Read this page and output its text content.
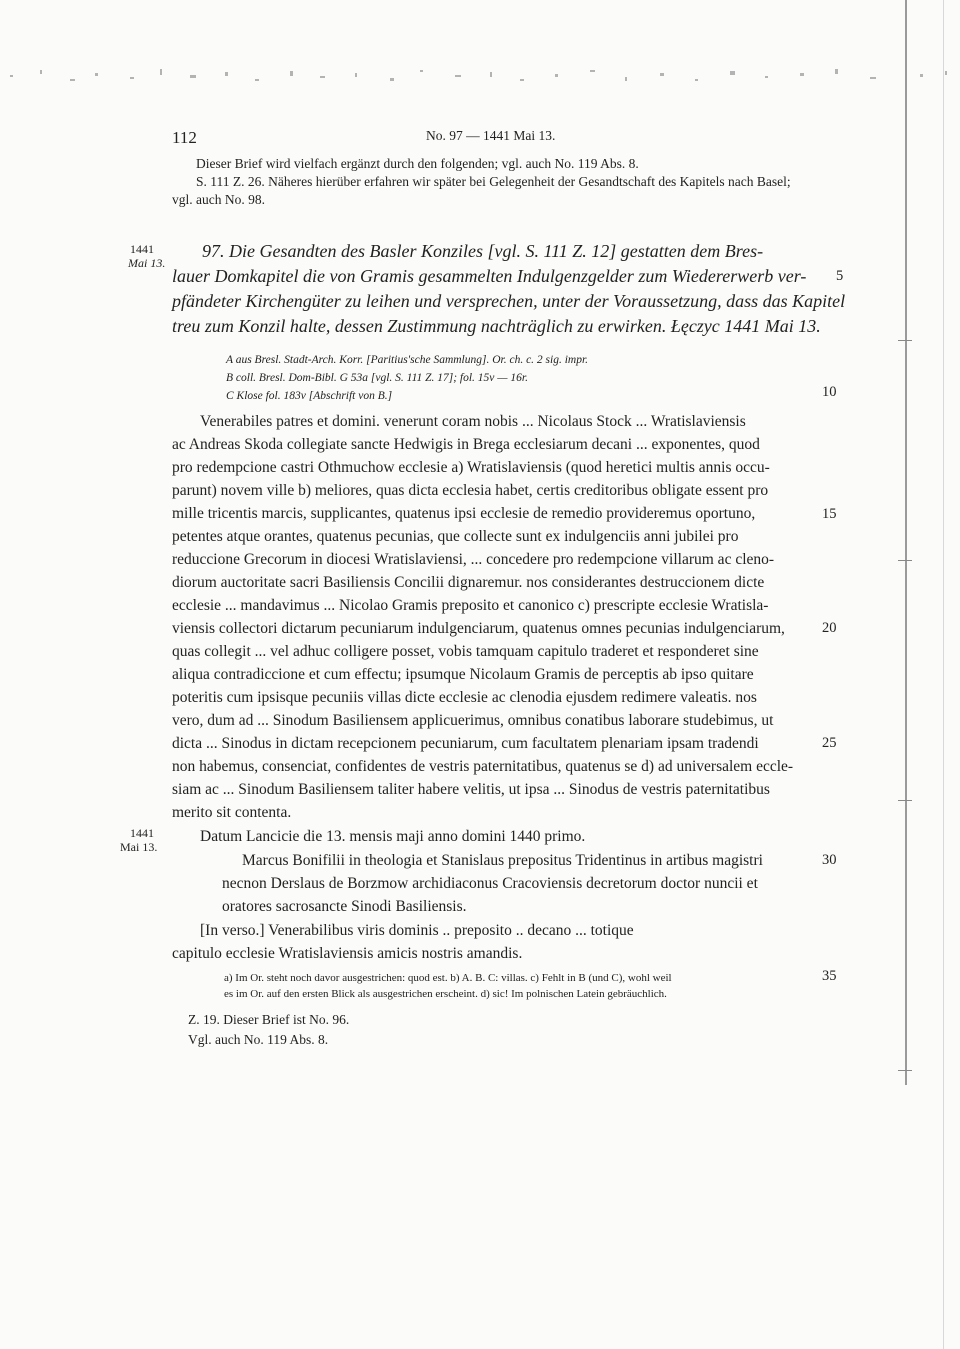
112	No. 97 — 1441 Mai 13.
Dieser Brief wird vielfach ergänzt durch den folgenden; vgl. auch No. 119 Abs. 8.
S. 111 Z. 26. Näheres hierüber erfahren wir später bei Gelegenheit der Gesandtschaft des Kapitels nach Basel;
vgl. auch No. 98.
1441
Mai 13.
97. Die Gesandten des Basler Konziles [vgl. S. 111 Z. 12] gestatten dem Bres-
lauer Domkapitel die von Gramis gesammelten Indulgenzgelder zum Wiedererwerb ver-
pfändeter Kirchengüter zu leihen und versprechen, unter der Voraussetzung, dass das Kapitel
treu zum Konzil halte, dessen Zustimmung nachträglich zu erwirken. Łęczyc 1441 Mai 13.
A aus Bresl. Stadt-Arch. Korr. [Paritius'sche Sammlung]. Or. ch. c. 2 sig. impr.
B coll. Bresl. Dom-Bibl. G 53a [vgl. S. 111 Z. 17]; fol. 15v — 16r.
C Klose fol. 183v [Abschrift von B.]
Venerabiles patres et domini. venerunt coram nobis ... Nicolaus Stock ... Wratislaviensis
ac Andreas Skoda collegiate sancte Hedwigis in Brega ecclesiarum decani ... exponentes, quod
pro redempcione castri Othmuchow ecclesie a) Wratislaviensis (quod heretici multis annis occu-
parunt) novem ville b) meliores, quas dicta ecclesia habet, certis creditoribus obligate essent pro
mille tricentis marcis, supplicantes, quatenus ipsi ecclesie de remedio provideremus oportuno,
petentes atque orantes, quatenus pecunias, que collecte sunt ex indulgenciis anni jubilei pro
reduccione Grecorum in diocesi Wratislaviensi, ... concedere pro redempcione villarum ac cleno-
diorum auctoritate sacri Basiliensis Concilii dignaremur. nos considerantes destruccionem dicte
ecclesie ... mandavimus ... Nicolao Gramis preposito et canonico c) prescripte ecclesie Wratisla-
viensis collectori dictarum pecuniarum indulgenciarum, quatenus omnes pecunias indulgenciarum,
quas collegit ... vel adhuc colligere posset, vobis tamquam capitulo traderet et responderet sine
aliqua contradiccione et cum effectu; ipsumque Nicolaum Gramis de perceptis ab ipso quitare
poteritis cum ipsisque pecuniis villas dicte ecclesie ac clenodia ejusdem redimere valeatis. nos
vero, dum ad ... Sinodum Basiliensem applicuerimus, omnibus conatibus laborare studebimus, ut
dicta ... Sinodus in dictam recepcionem pecuniarum, cum facultatem plenariam ipsam tradendi
non habemus, consenciat, confidentes de vestris paternitatibus, quatenus se d) ad universalem eccle-
siam ac ... Sinodum Basiliensem taliter habere velitis, ut ipsa ... Sinodus de vestris paternitatibus
merito sit contenta.
1441
Mai 13.
Datum Lancicie die 13. mensis maji anno domini 1440 primo.
Marcus Bonifilii in theologia et Stanislaus prepositus Tridentinus in artibus magistri
necnon Derslaus de Borzmow archidiaconus Cracoviensis decretorum doctor nuncii et
oratores sacrosancte Sinodi Basiliensis.
[In verso.] Venerabilibus viris dominis .. preposito .. decano ... totique
capitulo ecclesie Wratislaviensis amicis nostris amandis.
a) Im Or. steht noch davor ausgestrichen: quod est. b) A. B. C: villas. c) Fehlt in B (und C), wohl weil
es im Or. auf den ersten Blick als ausgestrichen erscheint. d) sic! Im polnischen Latein gebräuchlich.
5
10
15
20
25
30
35
Z. 19. Dieser Brief ist No. 96.
Vgl. auch No. 119 Abs. 8.
